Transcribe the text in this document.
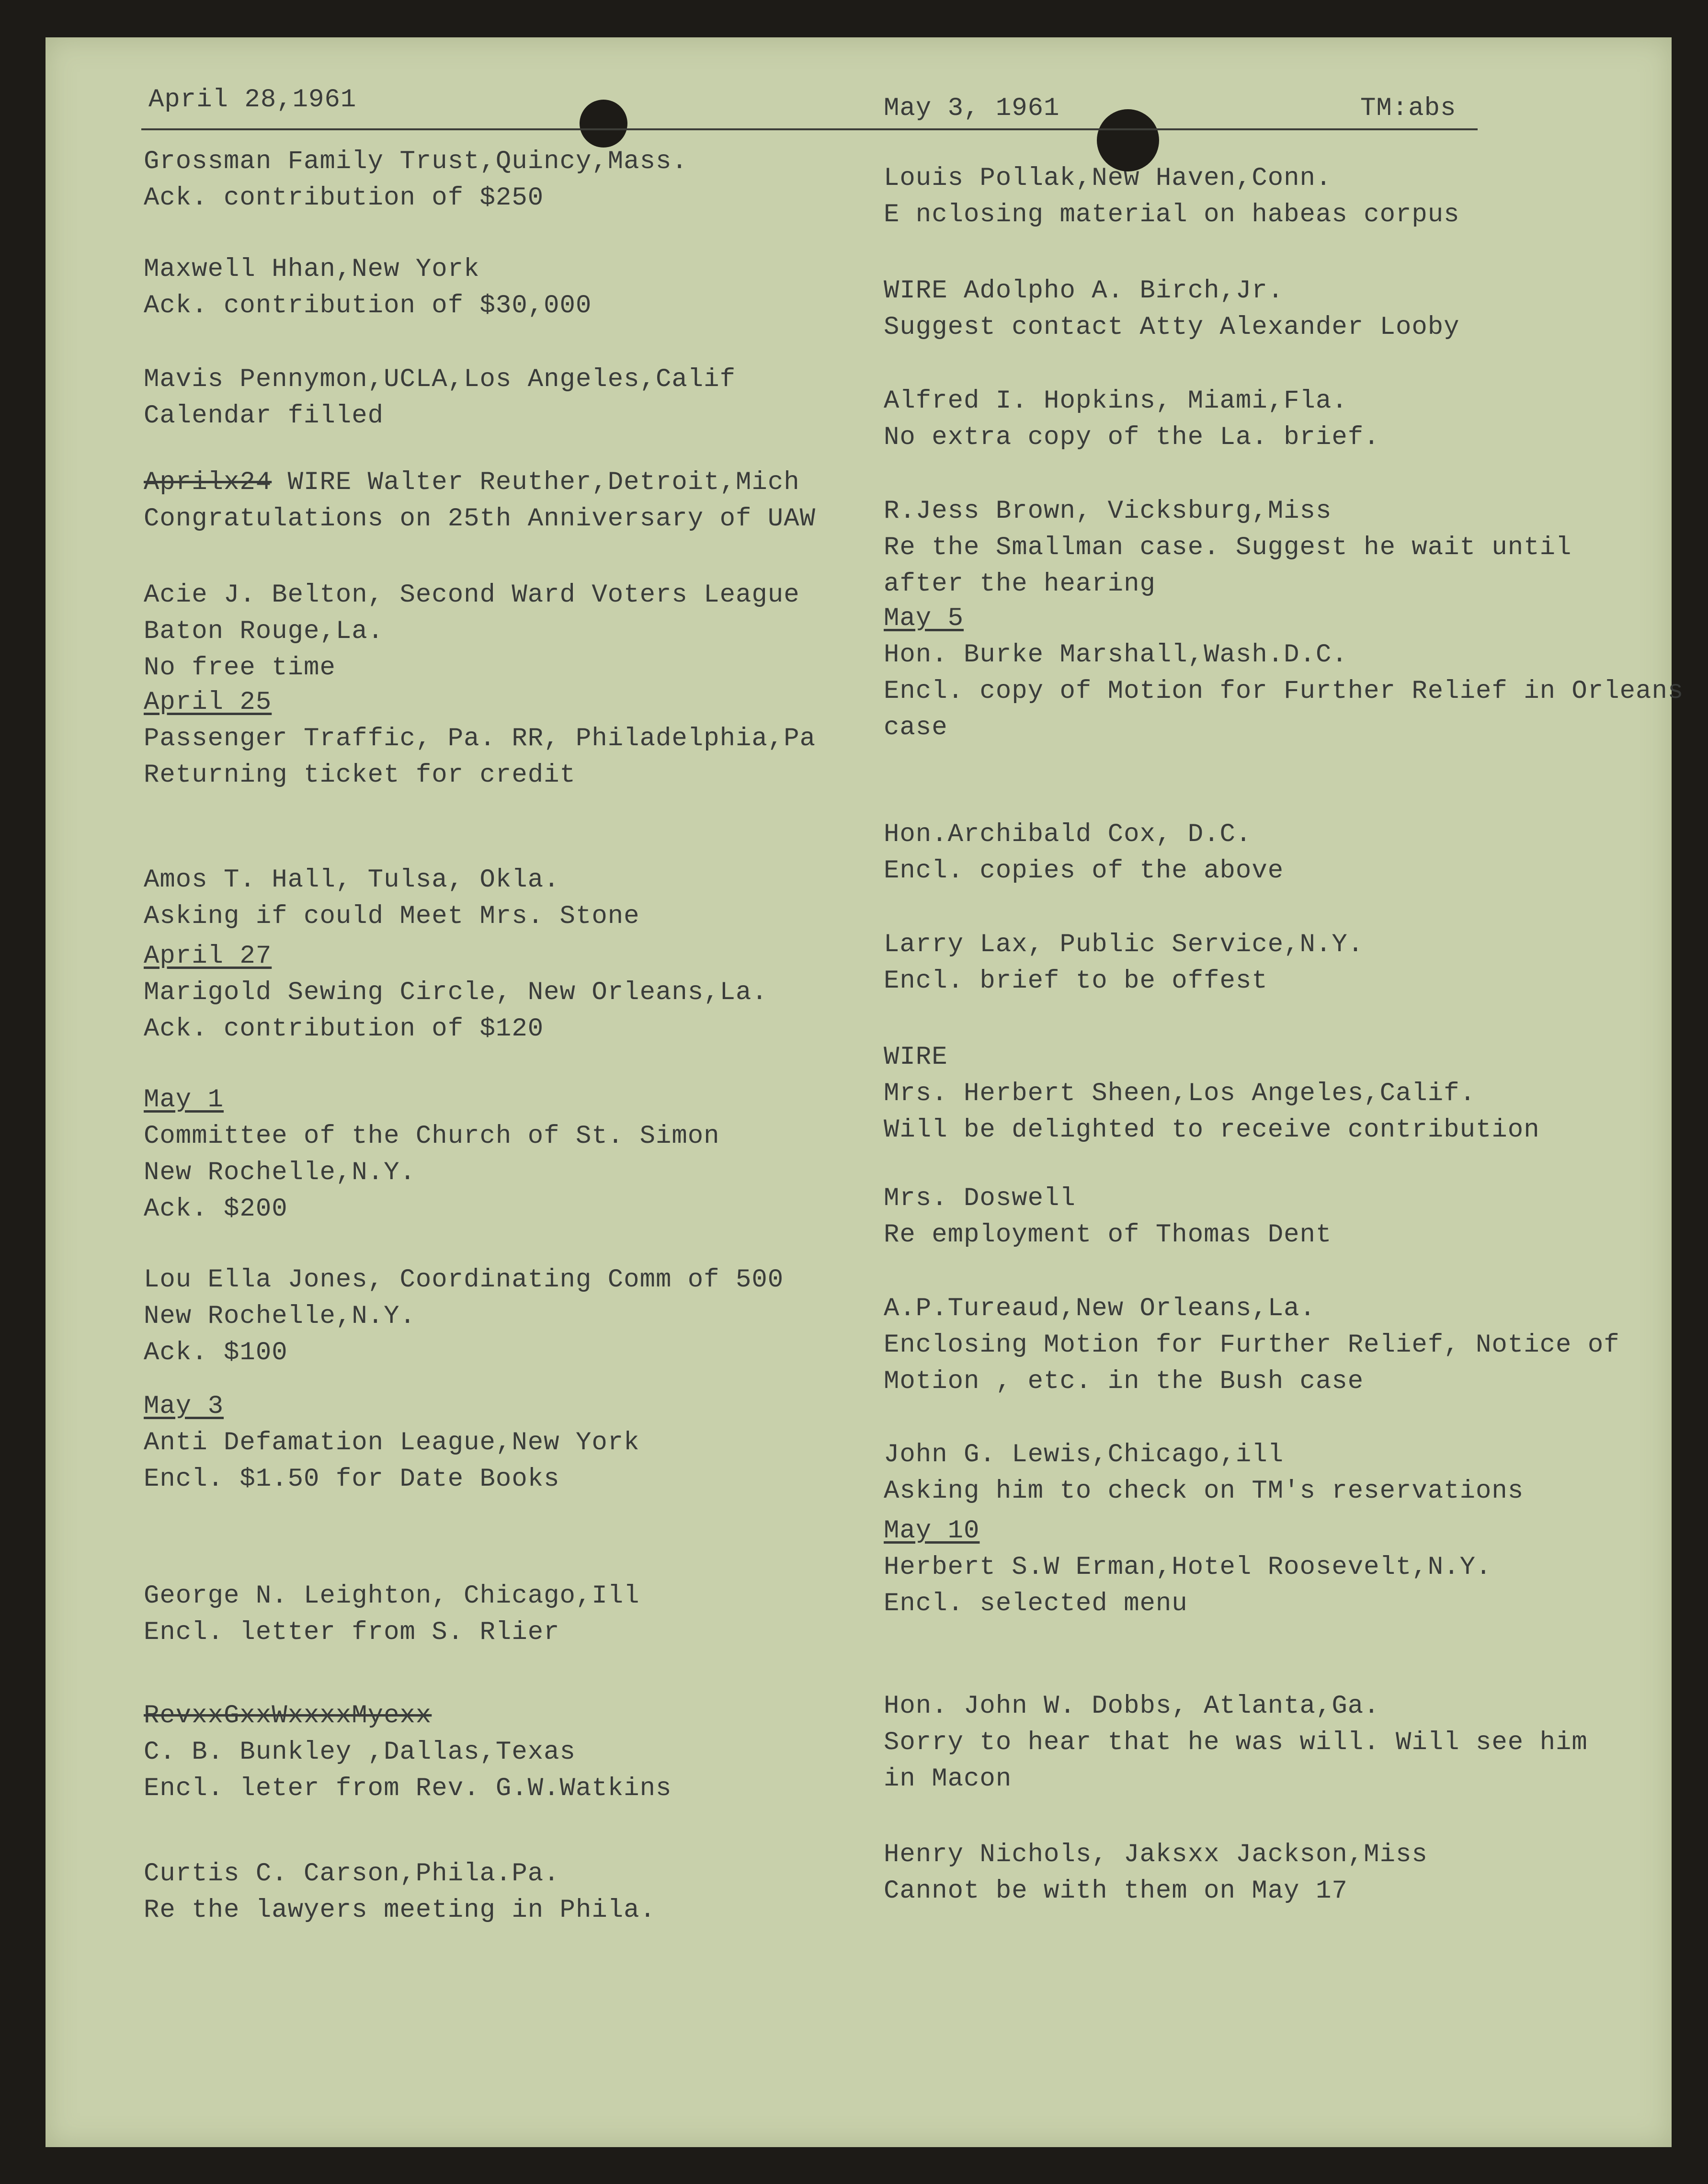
April 28,1961	May 3, 1961	TM:abs
Grossman Family Trust,Quincy,Mass.
Ack. contribution of $250
Maxwell Hhan,New York
Ack. contribution of $30,000
Mavis Pennymon,UCLA,Los Angeles,Calif
Calendar filled
Aprilx24 WIRE Walter Reuther,Detroit,Mich
Congratulations on 25th Anniversary of UAW
Acie J. Belton, Second Ward Voters League
Baton Rouge,La.
No free time
April 25
Passenger Traffic, Pa. RR, Philadelphia,Pa
Returning ticket for credit
Amos T. Hall, Tulsa, Okla.
Asking if could Meet Mrs. Stone
April 27
Marigold Sewing Circle, New Orleans,La.
Ack. contribution of $120
May 1
Committee of the Church of St. Simon
New Rochelle,N.Y.
Ack. $200
Lou Ella Jones, Coordinating Comm of 500
New Rochelle,N.Y.
Ack. $100
May 3
Anti Defamation League,New York
Encl. $1.50 for Date Books
George N. Leighton, Chicago,Ill
Encl. letter from S. Rlier
RevxxGxxWxxxxMyexx
C. B. Bunkley ,Dallas,Texas
Encl. leter from Rev. G.W.Watkins
Curtis C. Carson,Phila.Pa.
Re the lawyers meeting in Phila.
Louis Pollak,New Haven,Conn.
E nclosing material on habeas corpus
WIRE Adolpho A. Birch,Jr.
Suggest contact Atty Alexander Looby
Alfred I. Hopkins, Miami,Fla.
No extra copy of the La. brief.
R.Jess Brown, Vicksburg,Miss
Re the Smallman case. Suggest he wait until
after the hearing
May 5
Hon. Burke Marshall,Wash.D.C.
Encl. copy of Motion for Further Relief in Orleans
case
Hon.Archibald Cox, D.C.
Encl. copies of the above
Larry Lax, Public Service,N.Y.
Encl. brief to be offest
WIRE
Mrs. Herbert Sheen,Los Angeles,Calif.
Will be delighted to receive contribution
Mrs. Doswell
Re employment of Thomas Dent
A.P.Tureaud,New Orleans,La.
Enclosing Motion for Further Relief, Notice of
Motion , etc. in the Bush case
John G. Lewis,Chicago,ill
Asking him to check on TM's reservations
May 10
Herbert S.W Erman,Hotel Roosevelt,N.Y.
Encl. selected menu
Hon. John W. Dobbs, Atlanta,Ga.
Sorry to hear that he was will. Will see him
in Macon
Henry Nichols, Jaksxx Jackson,Miss
Cannot be with them on May 17
